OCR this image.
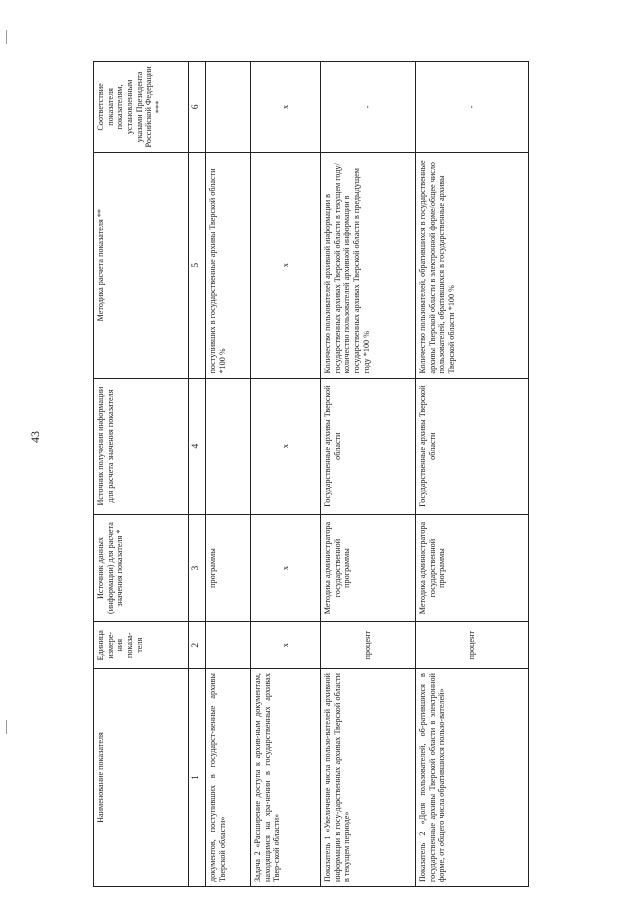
43
Наименование показателя	Единица измере-ния показа-теля	Источник данных (информации) для расчета значения показателя *	Источник получения информации для расчета значения показателя	Методика расчета показателя **	Соответствие показателя показателям, установленным указами Президента Российской Федерации ***
1	2	3	4	5	6
документов, поступивших в государст-венные архивы Тверской области»		программы		поступивших в государственные архивы Тверской области *100 %	
Задача 2 «Расширение доступа к архив-ным документам, находящимся на хра-нении в государственных архивах Твер-ской области»	х	х	х	х	х
Показатель 1 «Увеличение числа пользо-вателей архивной информации в госу-дарственных архивах Тверской области в текущем периоде»	процент	Методика администратора государственной программы	Государственные архивы Тверской области	Количество пользователей архивной информации в государственных архивах Тверской области в текущем году/количество пользователей архивной информации в государственных архивах Тверской области в предыдущем году *100 %	-
Показатель 2 «Доля пользователей, об-ратившихся в государственные архивы Тверской области в электронной форме, от общего числа обратившихся пользо-вателей»	процент	Методика администратора государственной программы	Государственные архивы Тверской области	Количество пользователей, обратившихся в государственные архивы Тверской области в электронной форме/общее число пользователей, обратившихся в государственные архивы Тверской области *100 %	-
